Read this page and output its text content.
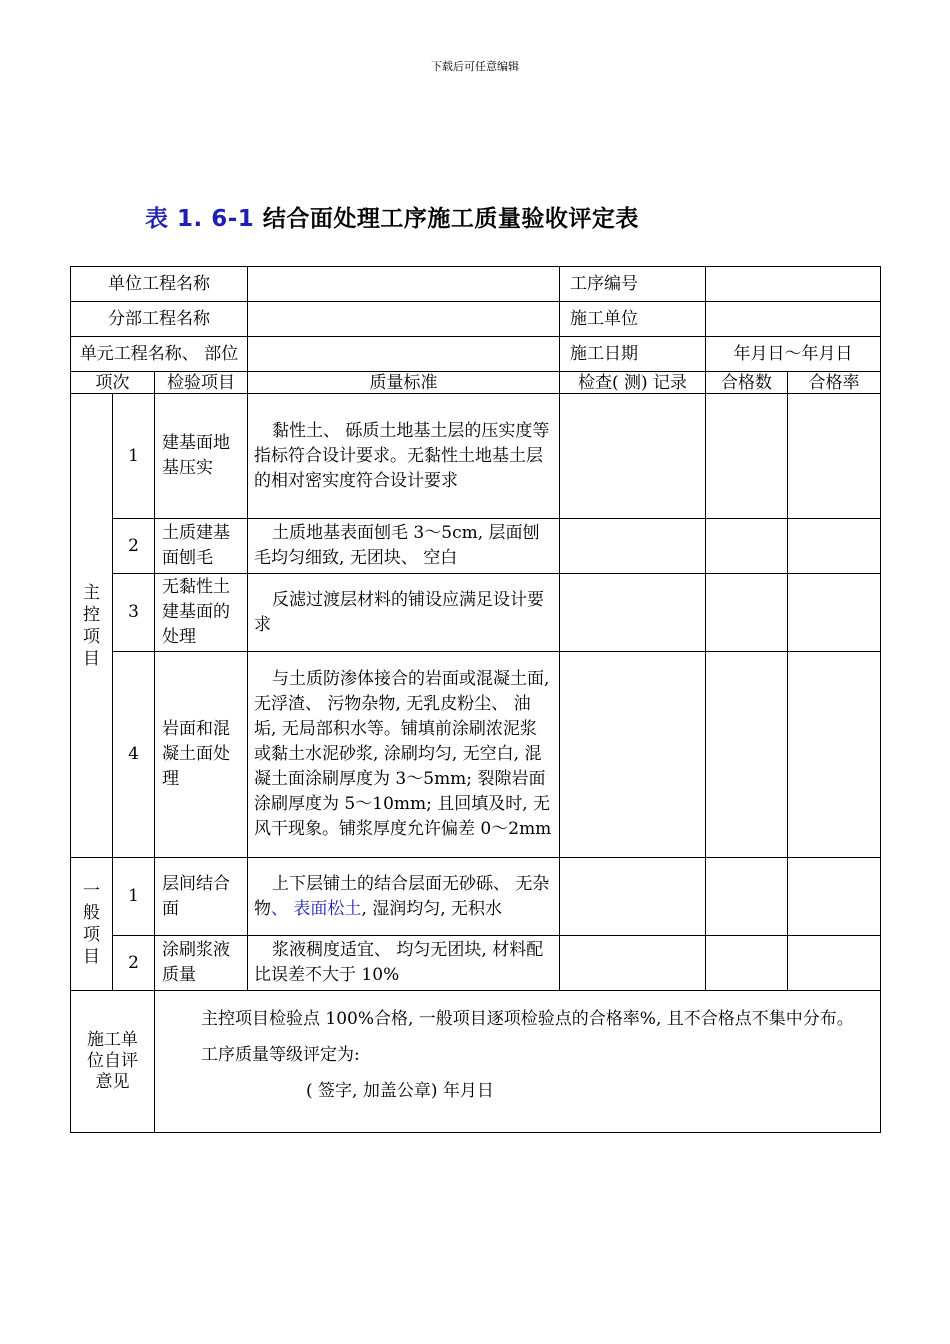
下载后可任意编辑
表 1. 6-1 结合面处理工序施工质量验收评定表
单位工程名称				工序编号		
分部工程名称				施工单位		
单元工程名称、 部位				施工日期	年月日～年月日	
项次		检验项目	质量标准	检查( 测) 记录	合格数	合格率

主控项目	1	建基面地基压实	黏性土、 砾质土地基土层的压实度等指标符合设计要求。无黏性土地基土层的相对密实度符合设计要求			
	2	土质建基面刨毛	土质地基表面刨毛 3～5cm, 层面刨毛均匀细致, 无团块、 空白			
	3	无黏性土建基面的处理	反滤过渡层材料的铺设应满足设计要求			
	4	岩面和混凝土面处理	与土质防渗体接合的岩面或混凝土面, 无浮渣、 污物杂物, 无乳皮粉尘、 油垢, 无局部积水等。铺填前涂刷浓泥浆或黏土水泥砂浆, 涂刷均匀, 无空白, 混凝土面涂刷厚度为 3～5mm; 裂隙岩面涂刷厚度为 5～10mm; 且回填及时, 无风干现象。铺浆厚度允许偏差 0～2mm			

一般项目	1	层间结合面	上下层铺土的结合层面无砂砾、 无杂物、 表面松土, 湿润均匀, 无积水			
	2	涂刷浆液质量	浆液稠度适宜、 均匀无团块, 材料配比误差不大于 10%			

施工单位自评意见		主控项目检验点 100%合格, 一般项目逐项检验点的合格率%, 且不合格点不集中分布。

工序质量等级评定为:

( 签字, 加盖公章) 年月日				
